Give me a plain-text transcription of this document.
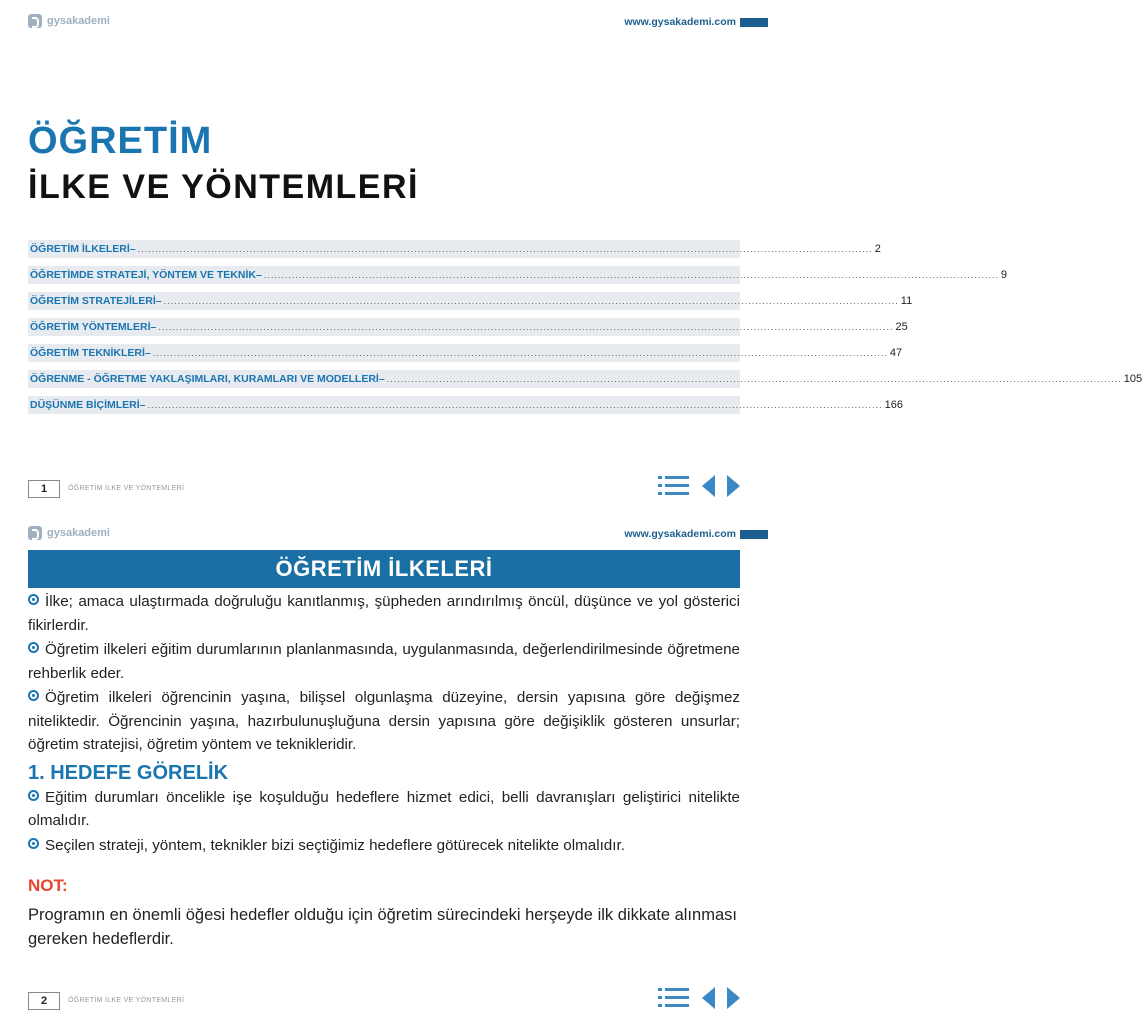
gysakademi	www.gysakademi.com
ÖĞRETİM
İLKE VE YÖNTEMLERİ
ÖĞRETİM İLKELERİ– .................................................................................................................................................................................................................. 2
ÖĞRETİMDE STRATEJİ, YÖNTEM VE TEKNİK– .................................................................................................................................................................................................................. 9
ÖĞRETİM STRATEJİLERİ– .................................................................................................................................................................................................................. 11
ÖĞRETİM YÖNTEMLERİ– .................................................................................................................................................................................................................. 25
ÖĞRETİM TEKNİKLERİ– .................................................................................................................................................................................................................. 47
ÖĞRENME - ÖĞRETME YAKLAŞIMLARI, KURAMLARI VE MODELLERİ– .................................................................................................................................................................................................................. 105
DÜŞÜNME BİÇİMLERİ– .................................................................................................................................................................................................................. 166
1	ÖĞRETİM İLKE VE YÖNTEMLERİ
gysakademi	www.gysakademi.com
ÖĞRETİM İLKELERİ
İlke; amaca ulaştırmada doğruluğu kanıtlanmış, şüpheden arındırılmış öncül, düşünce ve yol gösterici fikirlerdir.
Öğretim ilkeleri eğitim durumlarının planlanmasında, uygulanmasında, değerlendirilmesinde öğretmene rehberlik eder.
Öğretim ilkeleri öğrencinin yaşına, bilişsel olgunlaşma düzeyine, dersin yapısına göre değişmez niteliktedir. Öğrencinin yaşına, hazırbulunuşluğuna dersin yapısına göre değişiklik gösteren unsurlar; öğretim stratejisi, öğretim yöntem ve teknikleridir.
1. HEDEFE GÖRELİK
Eğitim durumları öncelikle işe koşulduğu hedeflere hizmet edici, belli davranışları geliştirici nitelikte olmalıdır.
Seçilen strateji, yöntem, teknikler bizi seçtiğimiz hedeflere götürecek nitelikte olmalıdır.
NOT:
Programın en önemli öğesi hedefler olduğu için öğretim sürecindeki herşeyde ilk dikkate alınması gereken hedeflerdir.
2	ÖĞRETİM İLKE VE YÖNTEMLERİ
